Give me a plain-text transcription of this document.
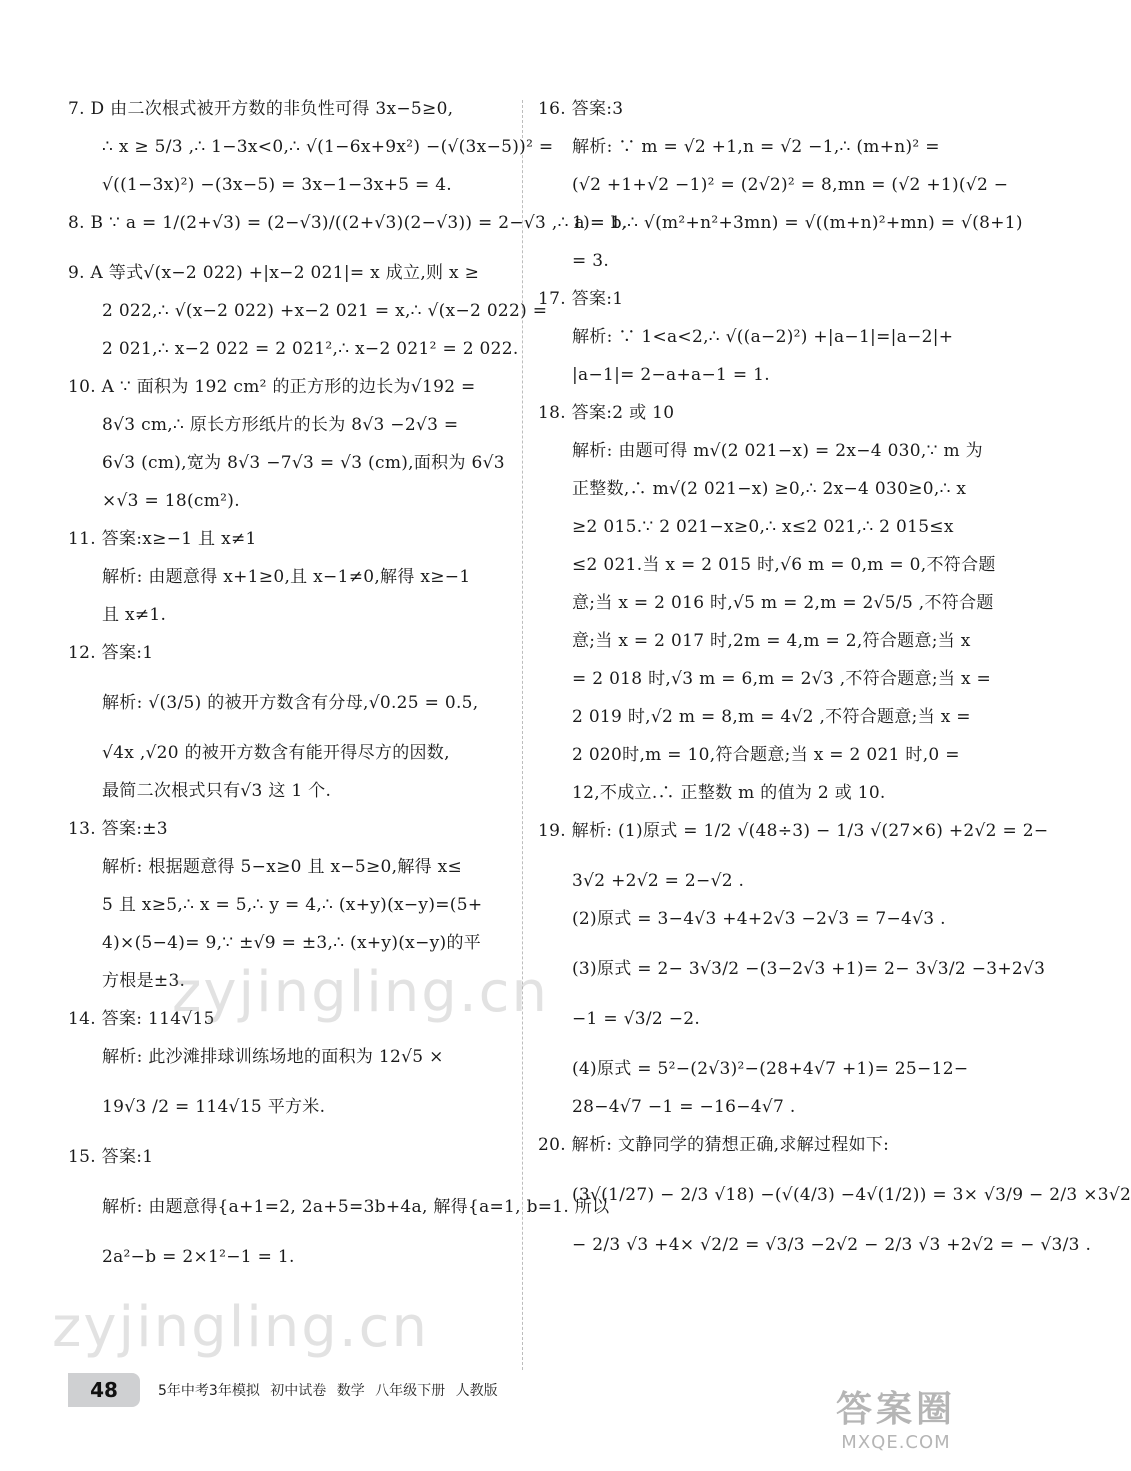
7. D 由二次根式被开方数的非负性可得 3x−5≥0,
∴ x ≥ 5/3 ,∴ 1−3x<0,∴ √(1−6x+9x²) −(√(3x−5))² =
√((1−3x)²) −(3x−5) = 3x−1−3x+5 = 4.
8. B ∵ a = 1/(2+√3) = (2−√3)/((2+√3)(2−√3)) = 2−√3 ,∴ a = b.
9. A 等式√(x−2 022) +|x−2 021|= x 成立,则 x ≥
2 022,∴ √(x−2 022) +x−2 021 = x,∴ √(x−2 022) =
2 021,∴ x−2 022 = 2 021²,∴ x−2 021² = 2 022.
10. A ∵ 面积为 192 cm² 的正方形的边长为√192 =
8√3 cm,∴ 原长方形纸片的长为 8√3 −2√3 =
6√3 (cm),宽为 8√3 −7√3 = √3 (cm),面积为 6√3
×√3 = 18(cm²).
11. 答案:x≥−1 且 x≠1
解析: 由题意得 x+1≥0,且 x−1≠0,解得 x≥−1
且 x≠1.
12. 答案:1
解析: √(3/5) 的被开方数含有分母,√0.25 = 0.5,
√4x ,√20 的被开方数含有能开得尽方的因数,
最简二次根式只有√3 这 1 个.
13. 答案:±3
解析: 根据题意得 5−x≥0 且 x−5≥0,解得 x≤
5 且 x≥5,∴ x = 5,∴ y = 4,∴ (x+y)(x−y)=(5+
4)×(5−4)= 9,∵ ±√9 = ±3,∴ (x+y)(x−y)的平
方根是±3.
14. 答案: 114√15
解析: 此沙滩排球训练场地的面积为 12√5 ×
19√3 /2 = 114√15 平方米.
15. 答案:1
解析: 由题意得{a+1=2, 2a+5=3b+4a, 解得{a=1, b=1. 所以
2a²−b = 2×1²−1 = 1.
16. 答案:3
解析: ∵ m = √2 +1,n = √2 −1,∴ (m+n)² =
(√2 +1+√2 −1)² = (2√2)² = 8,mn = (√2 +1)(√2 −
1)= 1,∴ √(m²+n²+3mn) = √((m+n)²+mn) = √(8+1)
= 3.
17. 答案:1
解析: ∵ 1<a<2,∴ √((a−2)²) +|a−1|=|a−2|+
|a−1|= 2−a+a−1 = 1.
18. 答案:2 或 10
解析: 由题可得 m√(2 021−x) = 2x−4 030,∵ m 为
正整数,∴ m√(2 021−x) ≥0,∴ 2x−4 030≥0,∴ x
≥2 015.∵ 2 021−x≥0,∴ x≤2 021,∴ 2 015≤x
≤2 021.当 x = 2 015 时,√6 m = 0,m = 0,不符合题
意;当 x = 2 016 时,√5 m = 2,m = 2√5/5 ,不符合题
意;当 x = 2 017 时,2m = 4,m = 2,符合题意;当 x
= 2 018 时,√3 m = 6,m = 2√3 ,不符合题意;当 x =
2 019 时,√2 m = 8,m = 4√2 ,不符合题意;当 x =
2 020时,m = 10,符合题意;当 x = 2 021 时,0 =
12,不成立.∴ 正整数 m 的值为 2 或 10.
19. 解析: (1)原式 = 1/2 √(48÷3) − 1/3 √(27×6) +2√2 = 2−
3√2 +2√2 = 2−√2 .
(2)原式 = 3−4√3 +4+2√3 −2√3 = 7−4√3 .
(3)原式 = 2− 3√3/2 −(3−2√3 +1)= 2− 3√3/2 −3+2√3
−1 = √3/2 −2.
(4)原式 = 5²−(2√3)²−(28+4√7 +1)= 25−12−
28−4√7 −1 = −16−4√7 .
20. 解析: 文静同学的猜想正确,求解过程如下:
(3√(1/27) − 2/3 √18) −(√(4/3) −4√(1/2)) = 3× √3/9 − 2/3 ×3√2
− 2/3 √3 +4× √2/2 = √3/3 −2√2 − 2/3 √3 +2√2 = − √3/3 .
zyjingling.cn
zyjingling.cn
48	5年中考3年模拟 初中试卷 数学 八年级下册 人教版	答案圈
MXQE.COM
